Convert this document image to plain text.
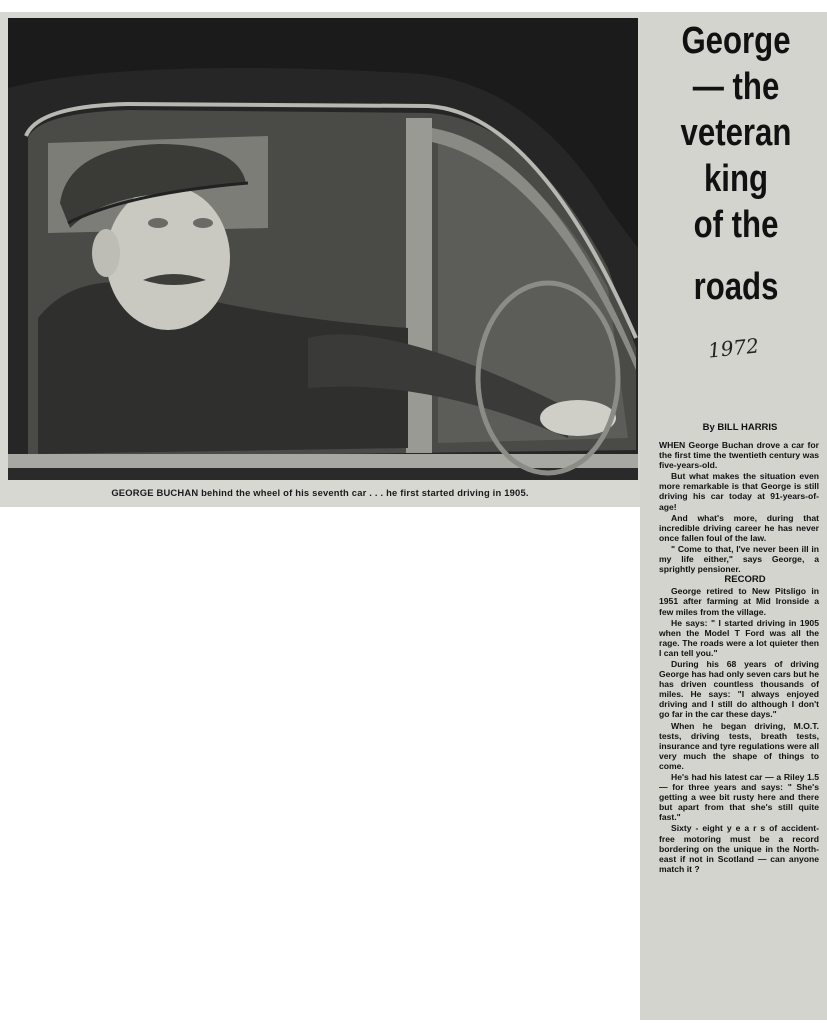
GEORGE BUCHAN behind the wheel of his seventh car . . . he first started driving in 1905.
George
— the
veteran
king
of the
roads
1972
By BILL HARRIS

WHEN George Buchan drove a car for the first time the twentieth century was five-years-old.

But what makes the situation even more remarkable is that George is still driving his car today at 91-years-of-age!

And what's more, during that incredible driving career he has never once fallen foul of the law.

" Come to that, I've never been ill in my life either," says George, a sprightly pensioner.

RECORD

George retired to New Pitsligo in 1951 after farming at Mid Ironside a few miles from the village.

He says: " I started driving in 1905 when the Model T Ford was all the rage. The roads were a lot quieter then I can tell you."

During his 68 years of driving George has had only seven cars but he has driven countless thousands of miles. He says: "I always enjoyed driving and I still do although I don't go far in the car these days."

When he began driving, M.O.T. tests, driving tests, breath tests, insurance and tyre regulations were all very much the shape of things to come.

He's had his latest car — a Riley 1.5 — for three years and says: " She's getting a wee bit rusty here and there but apart from that she's still quite fast."

Sixty - eight y e a r s of accident-free motoring must be a record bordering on the unique in the North-east if not in Scotland — can anyone match it ?
